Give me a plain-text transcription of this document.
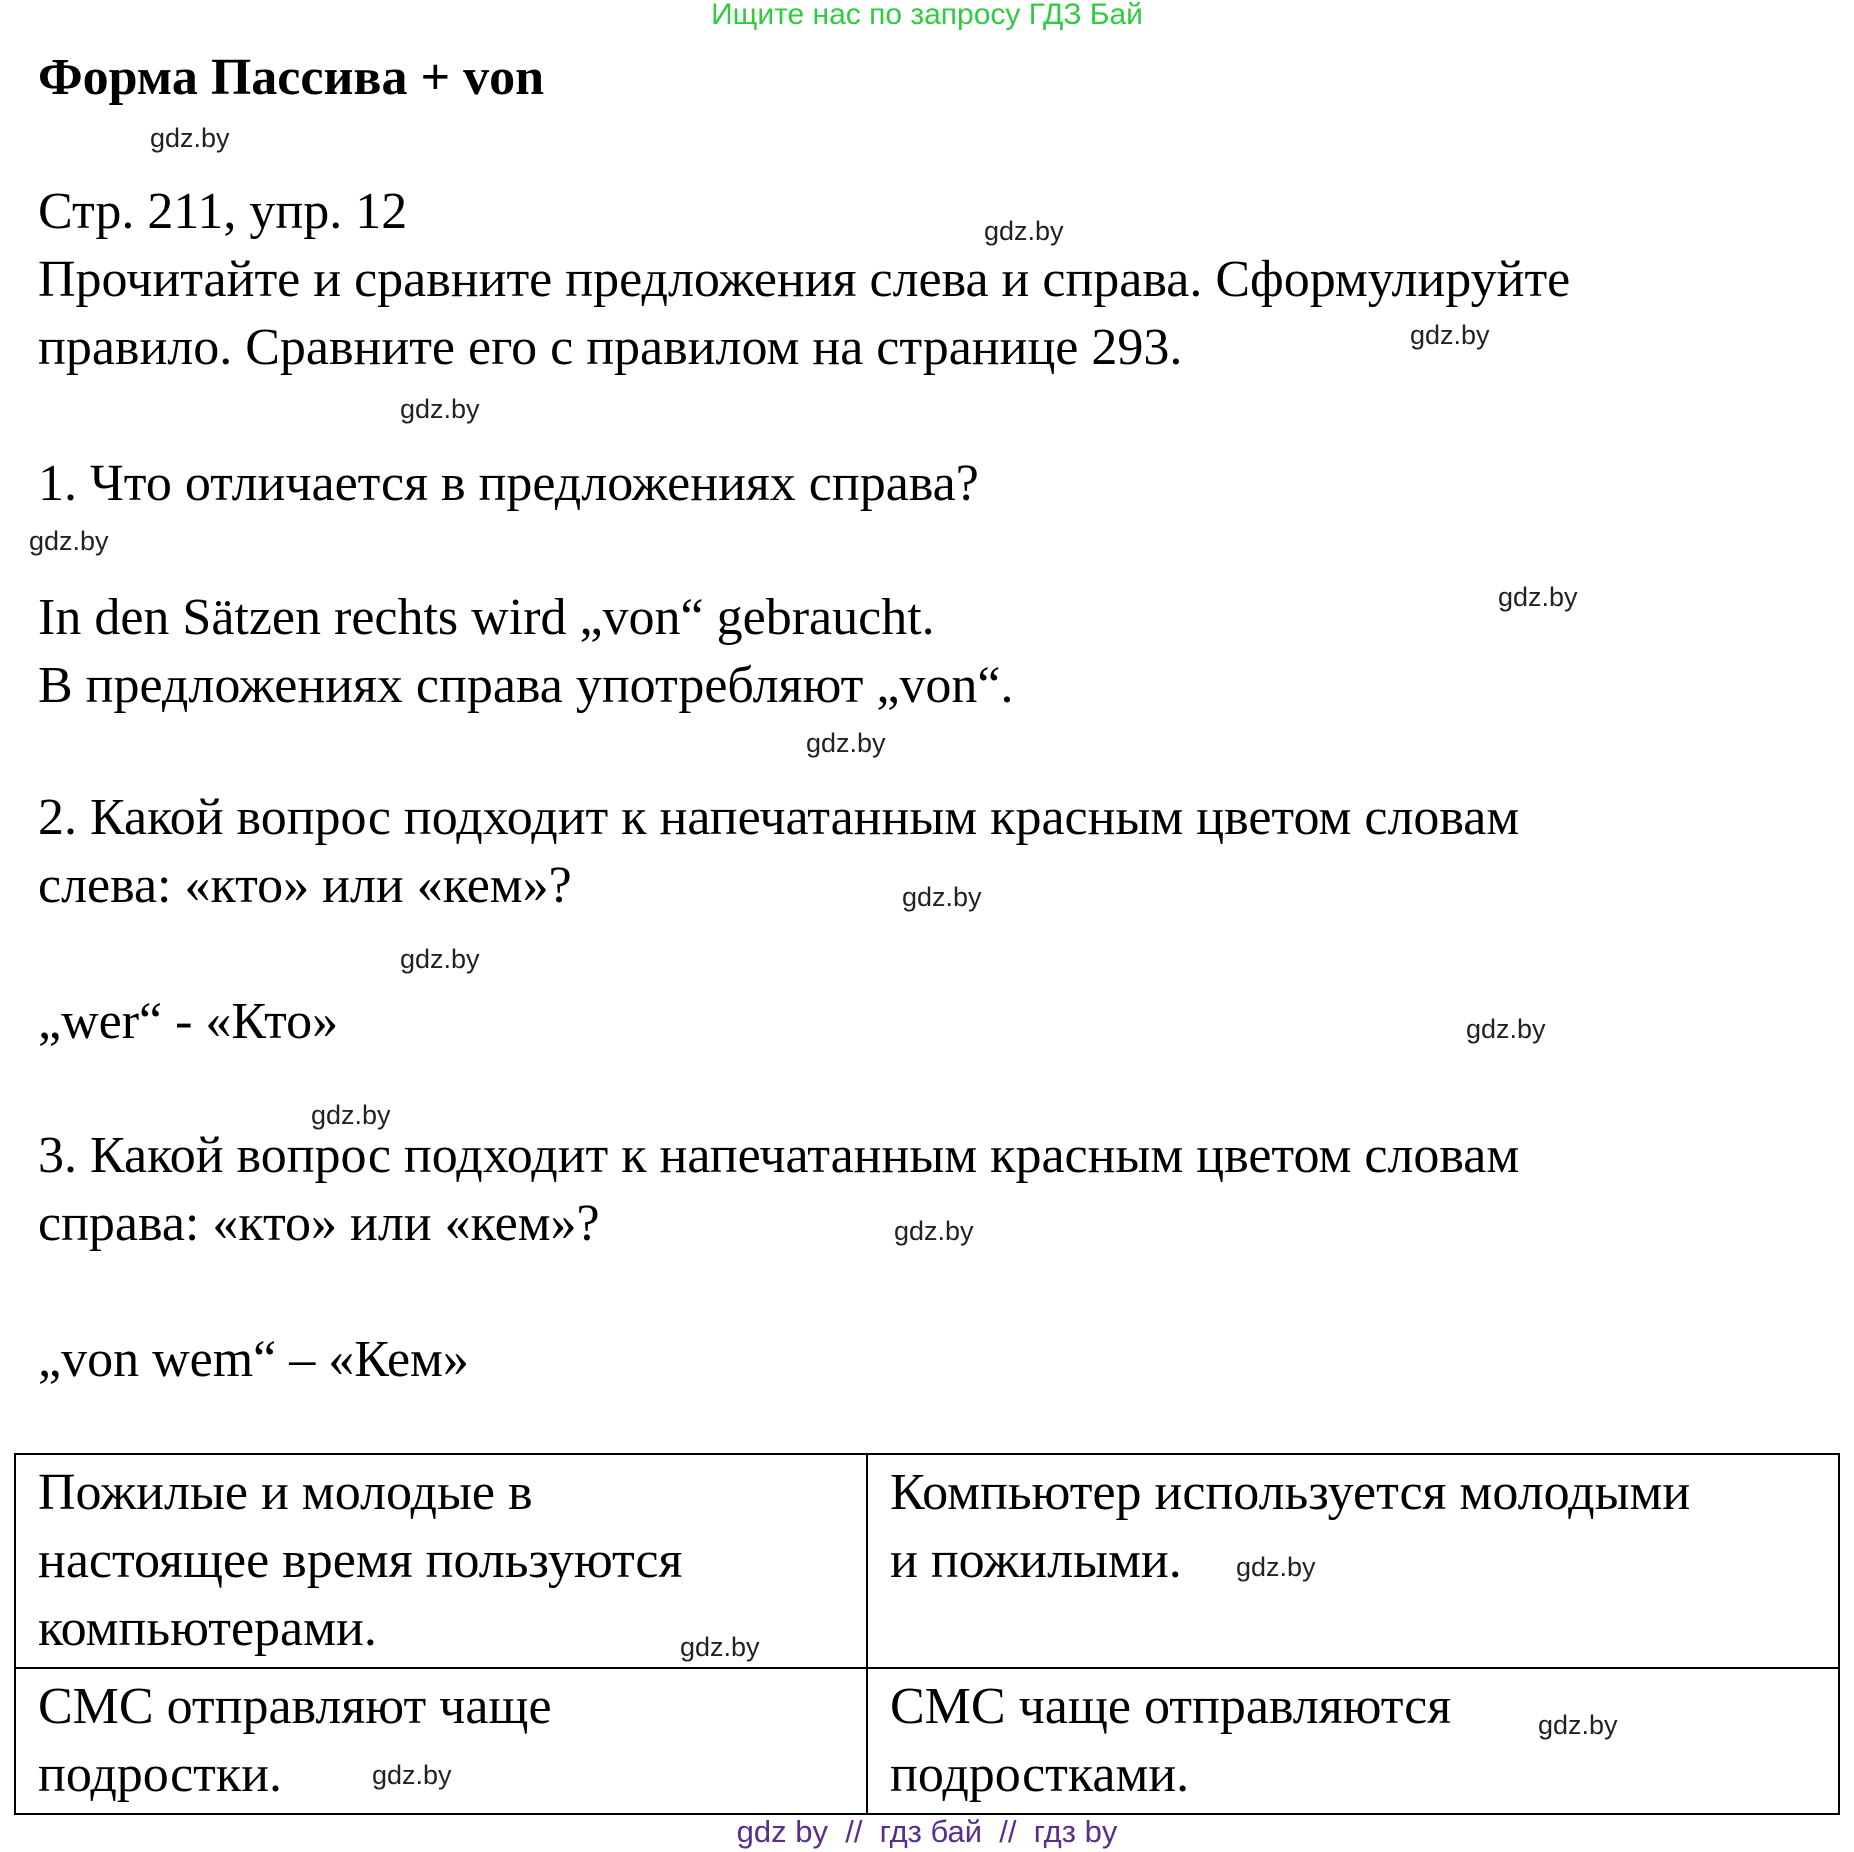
Ищите нас по запросу ГДЗ Бай
Форма Пассива + von
gdz.by
Стр. 211, упр. 12	gdz.by
Прочитайте и сравните предложения слева и справа. Сформулируйте
правило. Сравните его с правилом на странице 293.	gdz.by
gdz.by
1. Что отличается в предложениях справа?
gdz.by
In den Sätzen rechts wird „von“ gebraucht.	gdz.by
В предложениях справа употребляют „von“.
gdz.by
2. Какой вопрос подходит к напечатанным красным цветом словам
слева: «кто» или «кем»?	gdz.by
gdz.by
„wer“ - «Кто»	gdz.by
gdz.by
3. Какой вопрос подходит к напечатанным красным цветом словам
справа: «кто» или «кем»?	gdz.by
„von wem“ – «Кем»
Пожилые и молодые в
настоящее время пользуются
компьютерами. gdz.by	Компьютер используется молодыми
и пожилыми. gdz.by

СМС отправляют чаще
подростки. gdz.by	СМС чаще отправляются
подростками.
gdz.by
gdz by  //  гдз бай  //  гдз by
